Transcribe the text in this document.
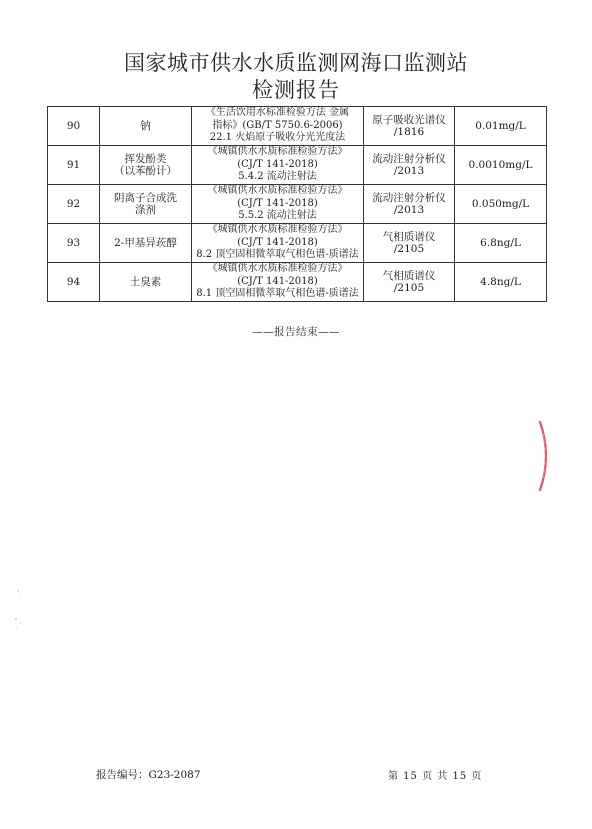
国家城市供水水质监测网海口监测站
检测报告
90	钠	《生活饮用水标准检验方法 金属
指标》(GB/T 5750.6-2006)
22.1 火焰原子吸收分光光度法	原子吸收光谱仪
/1816	0.01mg/L
91	挥发酚类
（以苯酚计）	《城镇供水水质标准检验方法》
(CJ/T 141-2018)
5.4.2 流动注射法	流动注射分析仪
/2013	0.0010mg/L
92	阴离子合成洗
涤剂	《城镇供水水质标准检验方法》
(CJ/T 141-2018)
5.5.2 流动注射法	流动注射分析仪
/2013	0.050mg/L
93	2-甲基异莰醇	《城镇供水水质标准检验方法》
(CJ/T 141-2018)
8.2 顶空固相微萃取气相色谱-质谱法	气相质谱仪
/2105	6.8ng/L
94	土臭素	《城镇供水水质标准检验方法》
(CJ/T 141-2018)
8.1 顶空固相微萃取气相色谱-质谱法	气相质谱仪
/2105	4.8ng/L
——报告结束——
报告编号：G23-2087	第 15 页 共 15 页
